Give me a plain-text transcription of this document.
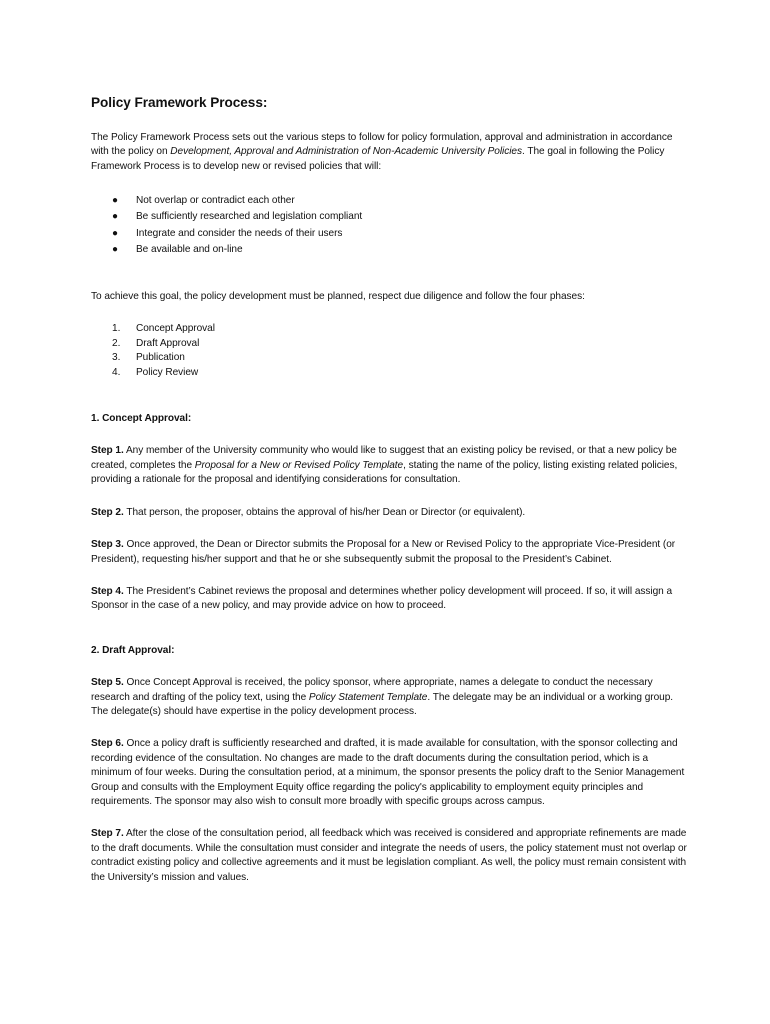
Policy Framework Process:

The Policy Framework Process sets out the various steps to follow for policy formulation, approval and administration in accordance with the policy on Development, Approval and Administration of Non-Academic University Policies. The goal in following the Policy Framework Process is to develop new or revised policies that will:

● Not overlap or contradict each other
● Be sufficiently researched and legislation compliant
● Integrate and consider the needs of their users
● Be available and on-line

To achieve this goal, the policy development must be planned, respect due diligence and follow the four phases:

1. Concept Approval
2. Draft Approval
3. Publication
4. Policy Review
1. Concept Approval:

Step 1. Any member of the University community who would like to suggest that an existing policy be revised, or that a new policy be created, completes the Proposal for a New or Revised Policy Template, stating the name of the policy, listing existing related policies, providing a rationale for the proposal and identifying considerations for consultation.

Step 2. That person, the proposer, obtains the approval of his/her Dean or Director (or equivalent).

Step 3. Once approved, the Dean or Director submits the Proposal for a New or Revised Policy to the appropriate Vice-President (or President), requesting his/her support and that he or she subsequently submit the proposal to the President’s Cabinet.

Step 4. The President’s Cabinet reviews the proposal and determines whether policy development will proceed. If so, it will assign a Sponsor in the case of a new policy, and may provide advice on how to proceed.

2. Draft Approval:

Step 5. Once Concept Approval is received, the policy sponsor, where appropriate, names a delegate to conduct the necessary research and drafting of the policy text, using the Policy Statement Template. The delegate may be an individual or a working group. The delegate(s) should have expertise in the policy development process.

Step 6. Once a policy draft is sufficiently researched and drafted, it is made available for consultation, with the sponsor collecting and recording evidence of the consultation. No changes are made to the draft documents during the consultation period, which is a minimum of four weeks. During the consultation period, at a minimum, the sponsor presents the policy draft to the Senior Management Group and consults with the Employment Equity office regarding the policy's applicability to employment equity principles and requirements. The sponsor may also wish to consult more broadly with specific groups across campus.

Step 7. After the close of the consultation period, all feedback which was received is considered and appropriate refinements are made to the draft documents. While the consultation must consider and integrate the needs of users, the policy statement must not overlap or contradict existing policy and collective agreements and it must be legislation compliant. As well, the policy must remain consistent with the University’s mission and values.
